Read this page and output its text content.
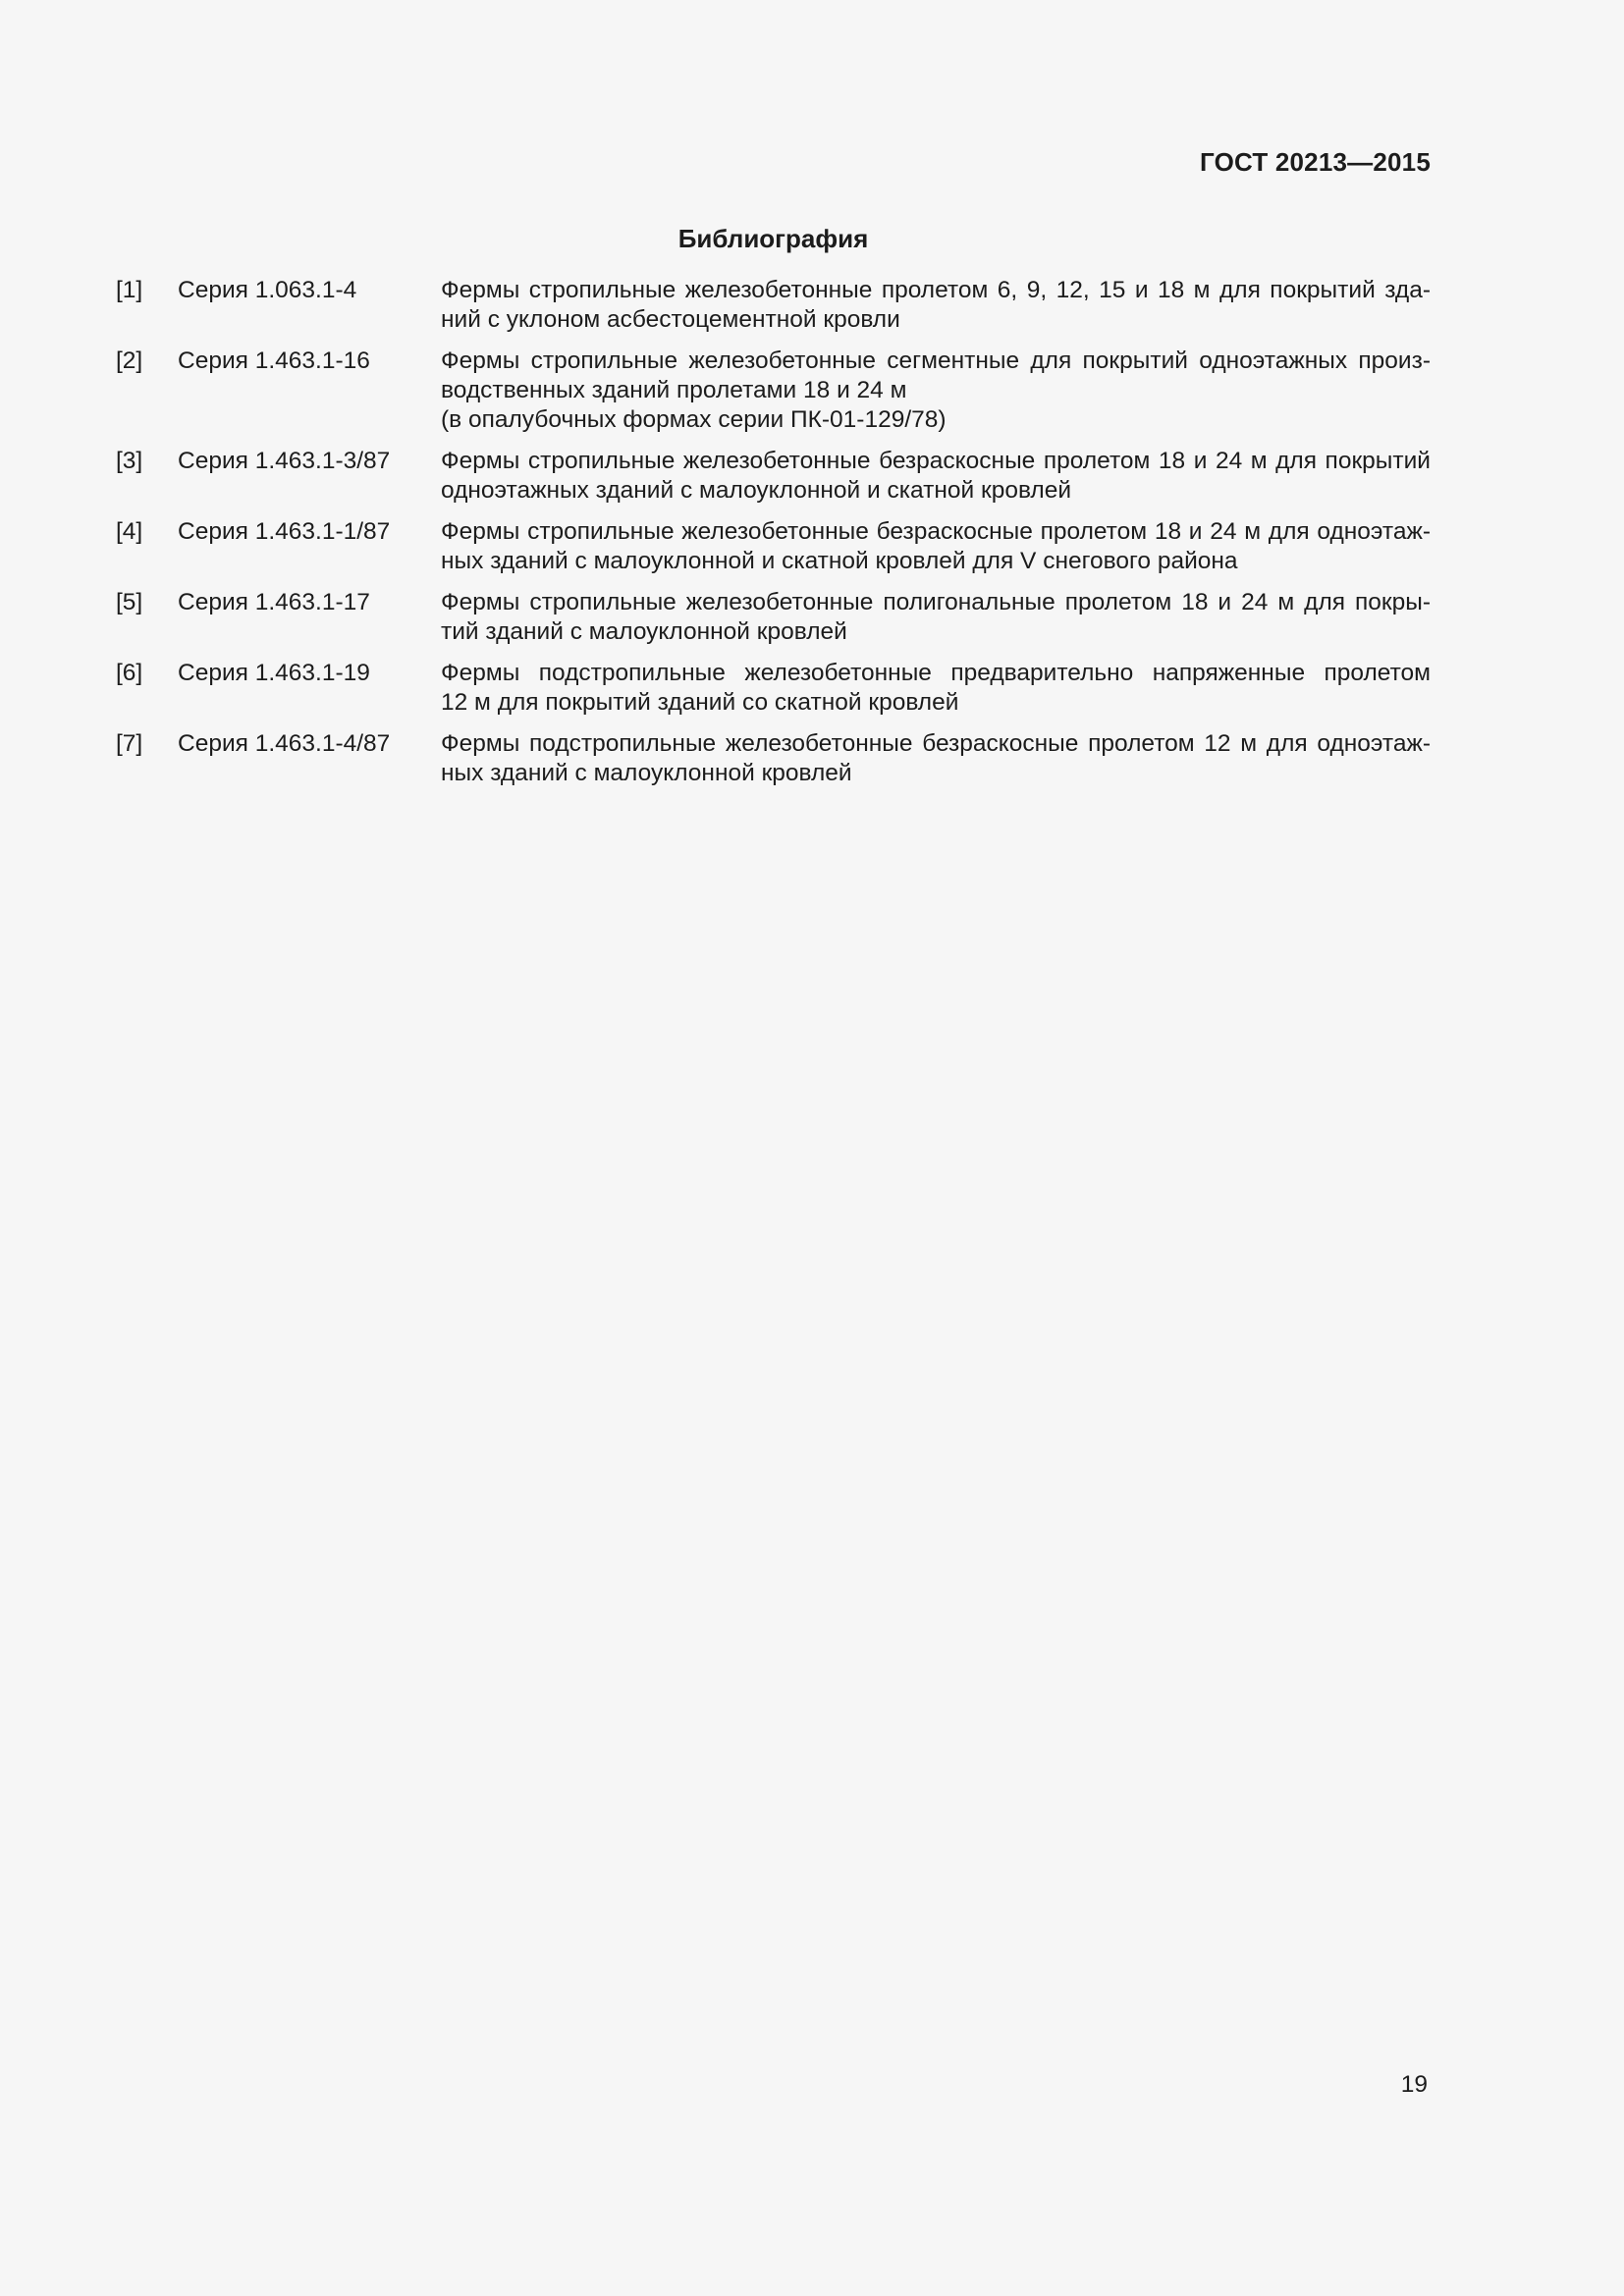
ГОСТ 20213—2015
Библиография
[1]	Серия 1.063.1-4	Фермы стропильные железобетонные пролетом 6, 9, 12, 15 и 18 м для покрытий зда-
ний с уклоном асбестоцементной кровли
[2]	Серия 1.463.1-16	Фермы стропильные железобетонные сегментные для покрытий одноэтажных произ-
водственных зданий пролетами 18 и 24 м
(в опалубочных формах серии ПК-01-129/78)
[3]	Серия 1.463.1-3/87	Фермы стропильные железобетонные безраскосные пролетом 18 и 24 м для покрытий
одноэтажных зданий с малоуклонной и скатной кровлей
[4]	Серия 1.463.1-1/87	Фермы стропильные железобетонные безраскосные пролетом 18 и 24 м для одноэтаж-
ных зданий с малоуклонной и скатной кровлей для V снегового района
[5]	Серия 1.463.1-17	Фермы стропильные железобетонные полигональные пролетом 18 и 24 м для покры-
тий зданий с малоуклонной кровлей
[6]	Серия 1.463.1-19	Фермы подстропильные железобетонные предварительно напряженные пролетом
12 м для покрытий зданий со скатной кровлей
[7]	Серия 1.463.1-4/87	Фермы подстропильные железобетонные безраскосные пролетом 12 м для одноэтаж-
ных зданий с малоуклонной кровлей
19
